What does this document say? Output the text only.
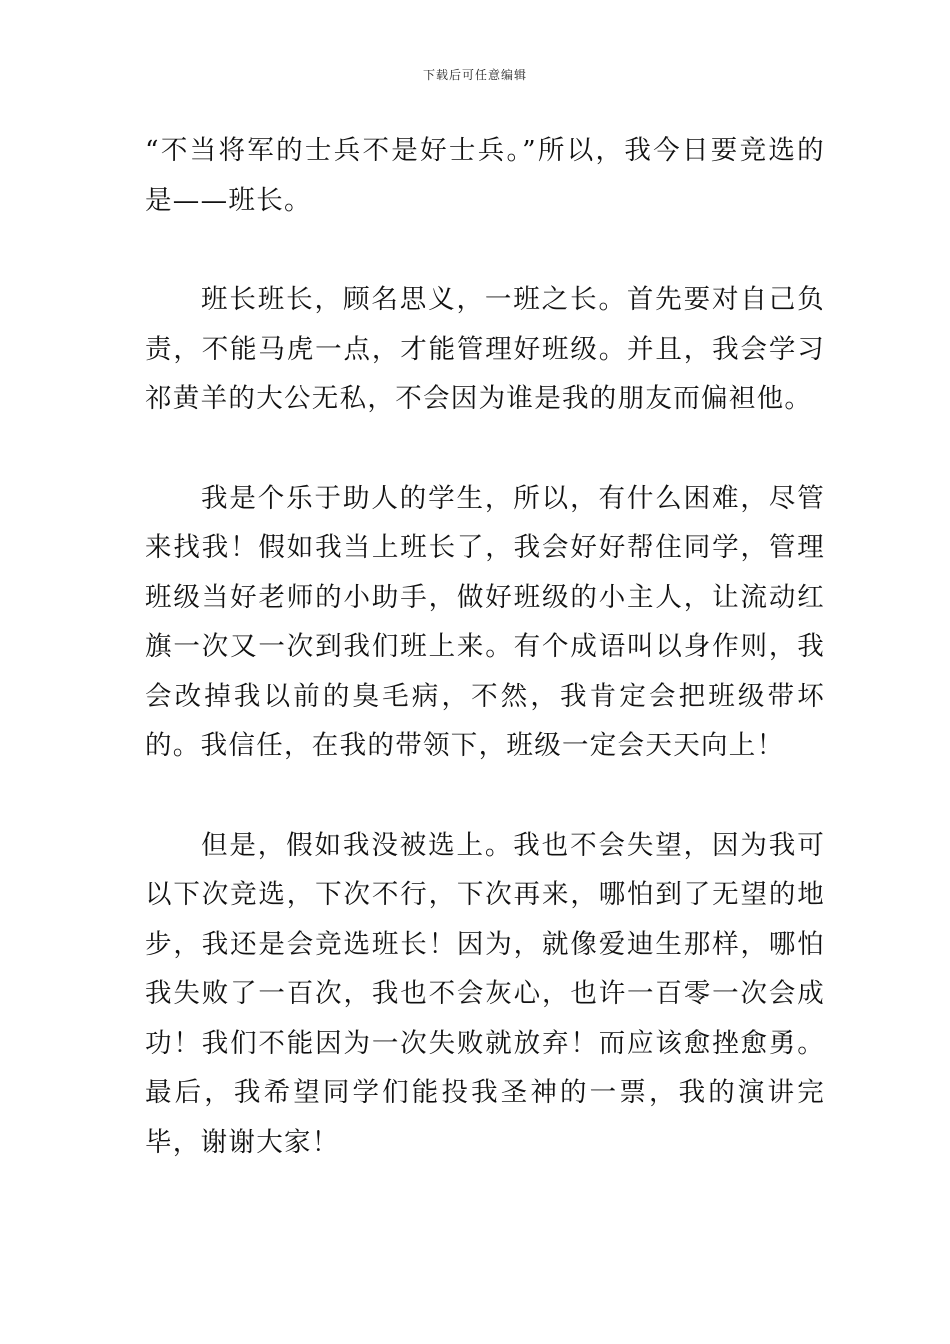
下载后可任意编辑

“不当将军的士兵不是好士兵。”所以，我今日要竞选的是——班长。

班长班长，顾名思义，一班之长。首先要对自己负责，不能马虎一点，才能管理好班级。并且，我会学习祁黄羊的大公无私，不会因为谁是我的朋友而偏袒他。

我是个乐于助人的学生，所以，有什么困难，尽管来找我！假如我当上班长了，我会好好帮住同学，管理班级当好老师的小助手，做好班级的小主人，让流动红旗一次又一次到我们班上来。有个成语叫以身作则，我会改掉我以前的臭毛病，不然，我肯定会把班级带坏的。我信任，在我的带领下，班级一定会天天向上！

但是，假如我没被选上。我也不会失望，因为我可以下次竞选，下次不行，下次再来，哪怕到了无望的地步，我还是会竞选班长！因为，就像爱迪生那样，哪怕我失败了一百次，我也不会灰心，也许一百零一次会成功！我们不能因为一次失败就放弃！而应该愈挫愈勇。最后，我希望同学们能投我圣神的一票，我的演讲完毕，谢谢大家！
